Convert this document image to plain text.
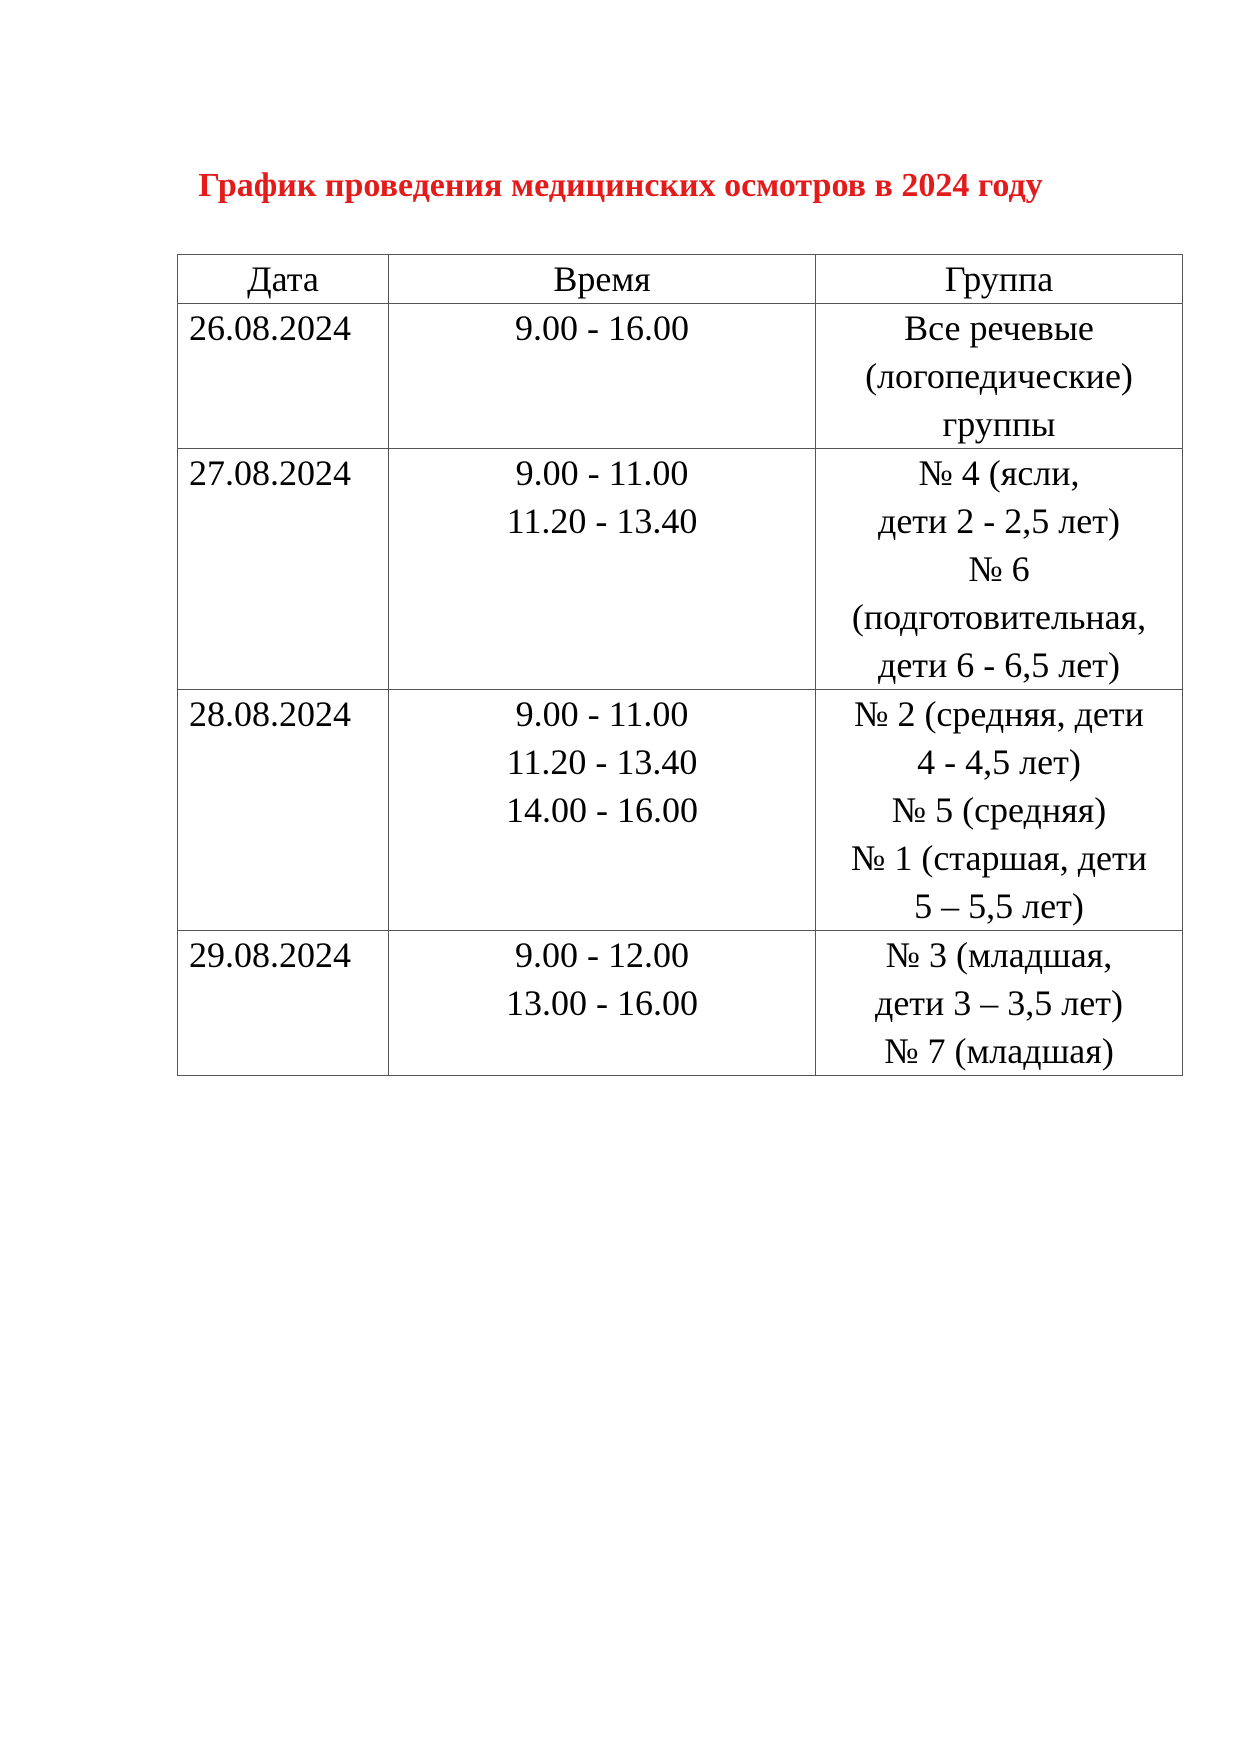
График проведения медицинских осмотров в 2024 году
Дата	Время	Группа

26.08.2024	9.00 - 16.00	Все речевые
(логопедические)
группы

27.08.2024	9.00 - 11.00
11.20 - 13.40	№ 4 (ясли,
дети 2 - 2,5 лет)
№ 6
(подготовительная,
дети 6 - 6,5 лет)

28.08.2024	9.00 - 11.00
11.20 - 13.40
14.00 - 16.00	№ 2 (средняя, дети
4 - 4,5 лет)
№ 5 (средняя)
№ 1 (старшая, дети
5 – 5,5 лет)

29.08.2024	9.00 - 12.00
13.00 - 16.00	№ 3 (младшая,
дети 3 – 3,5 лет)
№ 7 (младшая)
